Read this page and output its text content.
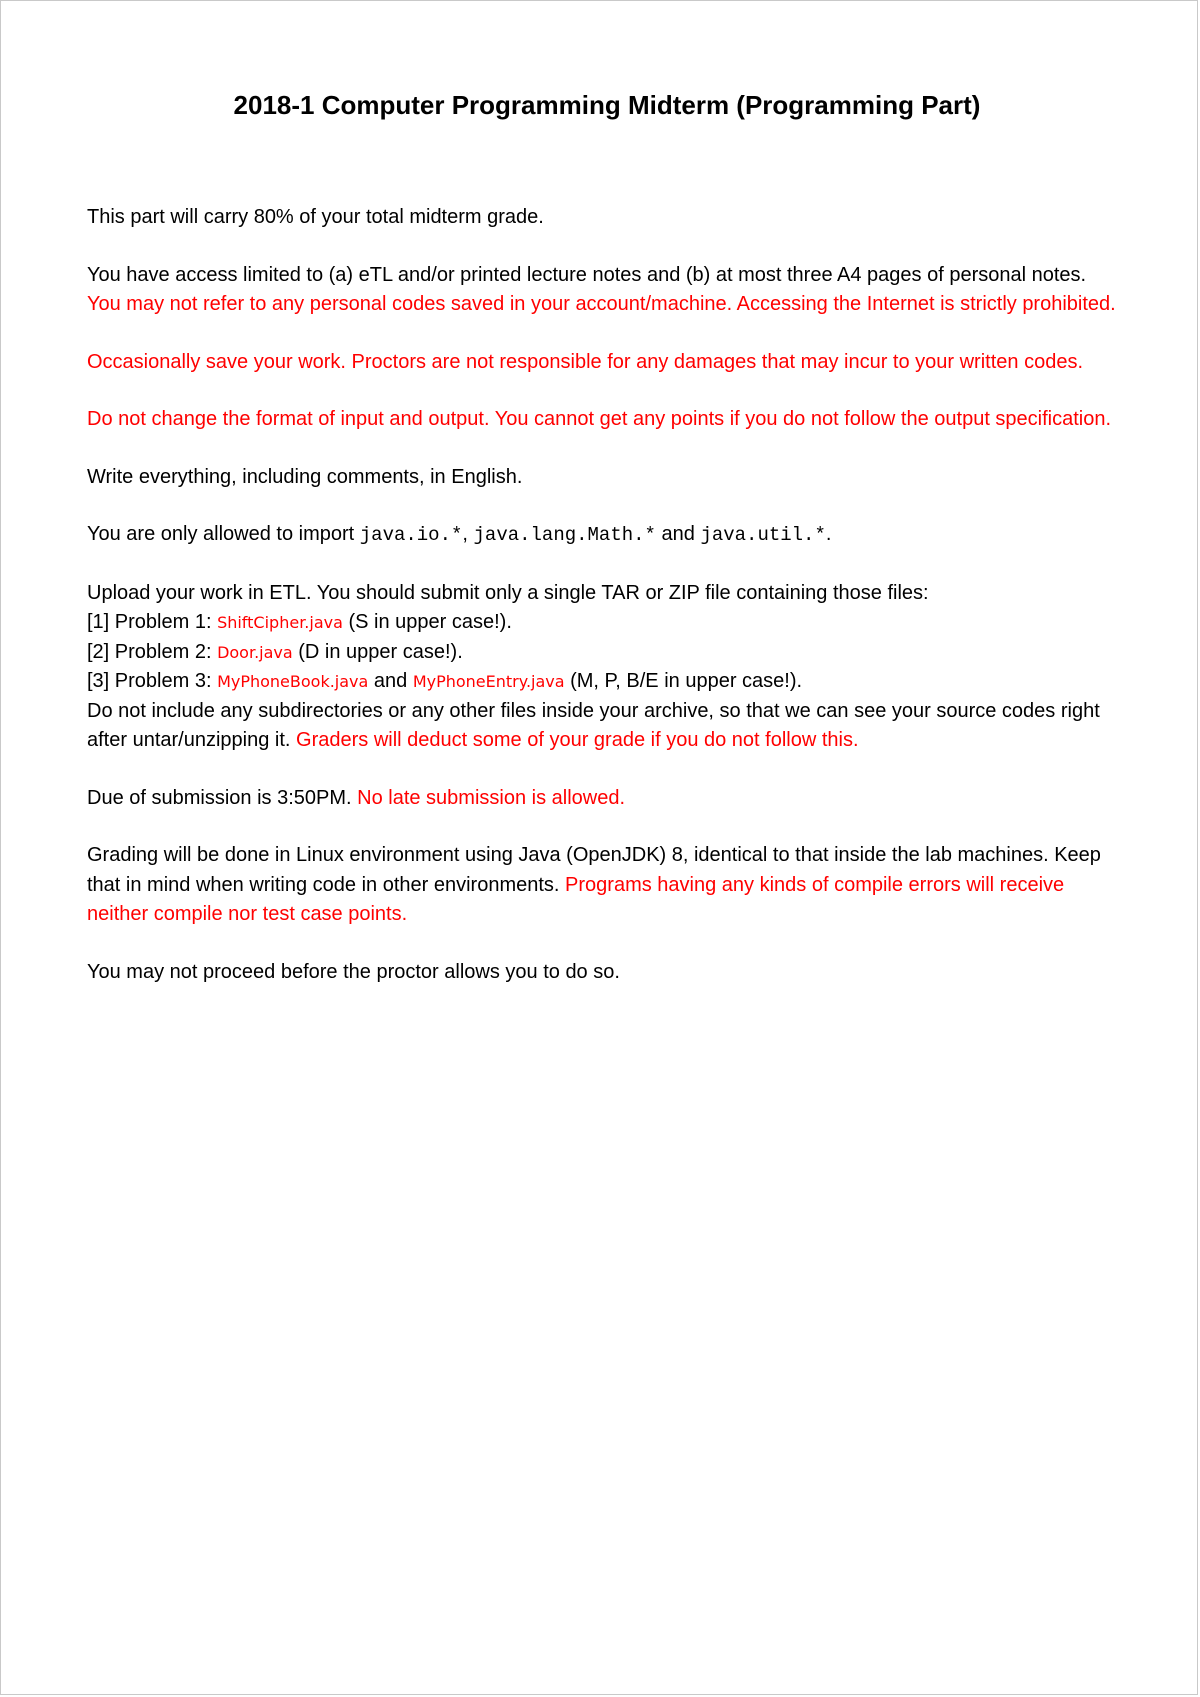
2018-1 Computer Programming Midterm (Programming Part)

This part will carry 80% of your total midterm grade.

You have access limited to (a) eTL and/or printed lecture notes and (b) at most three A4 pages of personal notes. You may not refer to any personal codes saved in your account/machine. Accessing the Internet is strictly prohibited.

Occasionally save your work. Proctors are not responsible for any damages that may incur to your written codes.

Do not change the format of input and output. You cannot get any points if you do not follow the output specification.

Write everything, including comments, in English.

You are only allowed to import java.io.*, java.lang.Math.* and java.util.*.

Upload your work in ETL. You should submit only a single TAR or ZIP file containing those files:
[1] Problem 1: ShiftCipher.java (S in upper case!).
[2] Problem 2: Door.java (D in upper case!).
[3] Problem 3: MyPhoneBook.java and MyPhoneEntry.java (M, P, B/E in upper case!).
Do not include any subdirectories or any other files inside your archive, so that we can see your source codes right after untar/unzipping it. Graders will deduct some of your grade if you do not follow this.

Due of submission is 3:50PM. No late submission is allowed.

Grading will be done in Linux environment using Java (OpenJDK) 8, identical to that inside the lab machines. Keep that in mind when writing code in other environments. Programs having any kinds of compile errors will receive neither compile nor test case points.

You may not proceed before the proctor allows you to do so.
